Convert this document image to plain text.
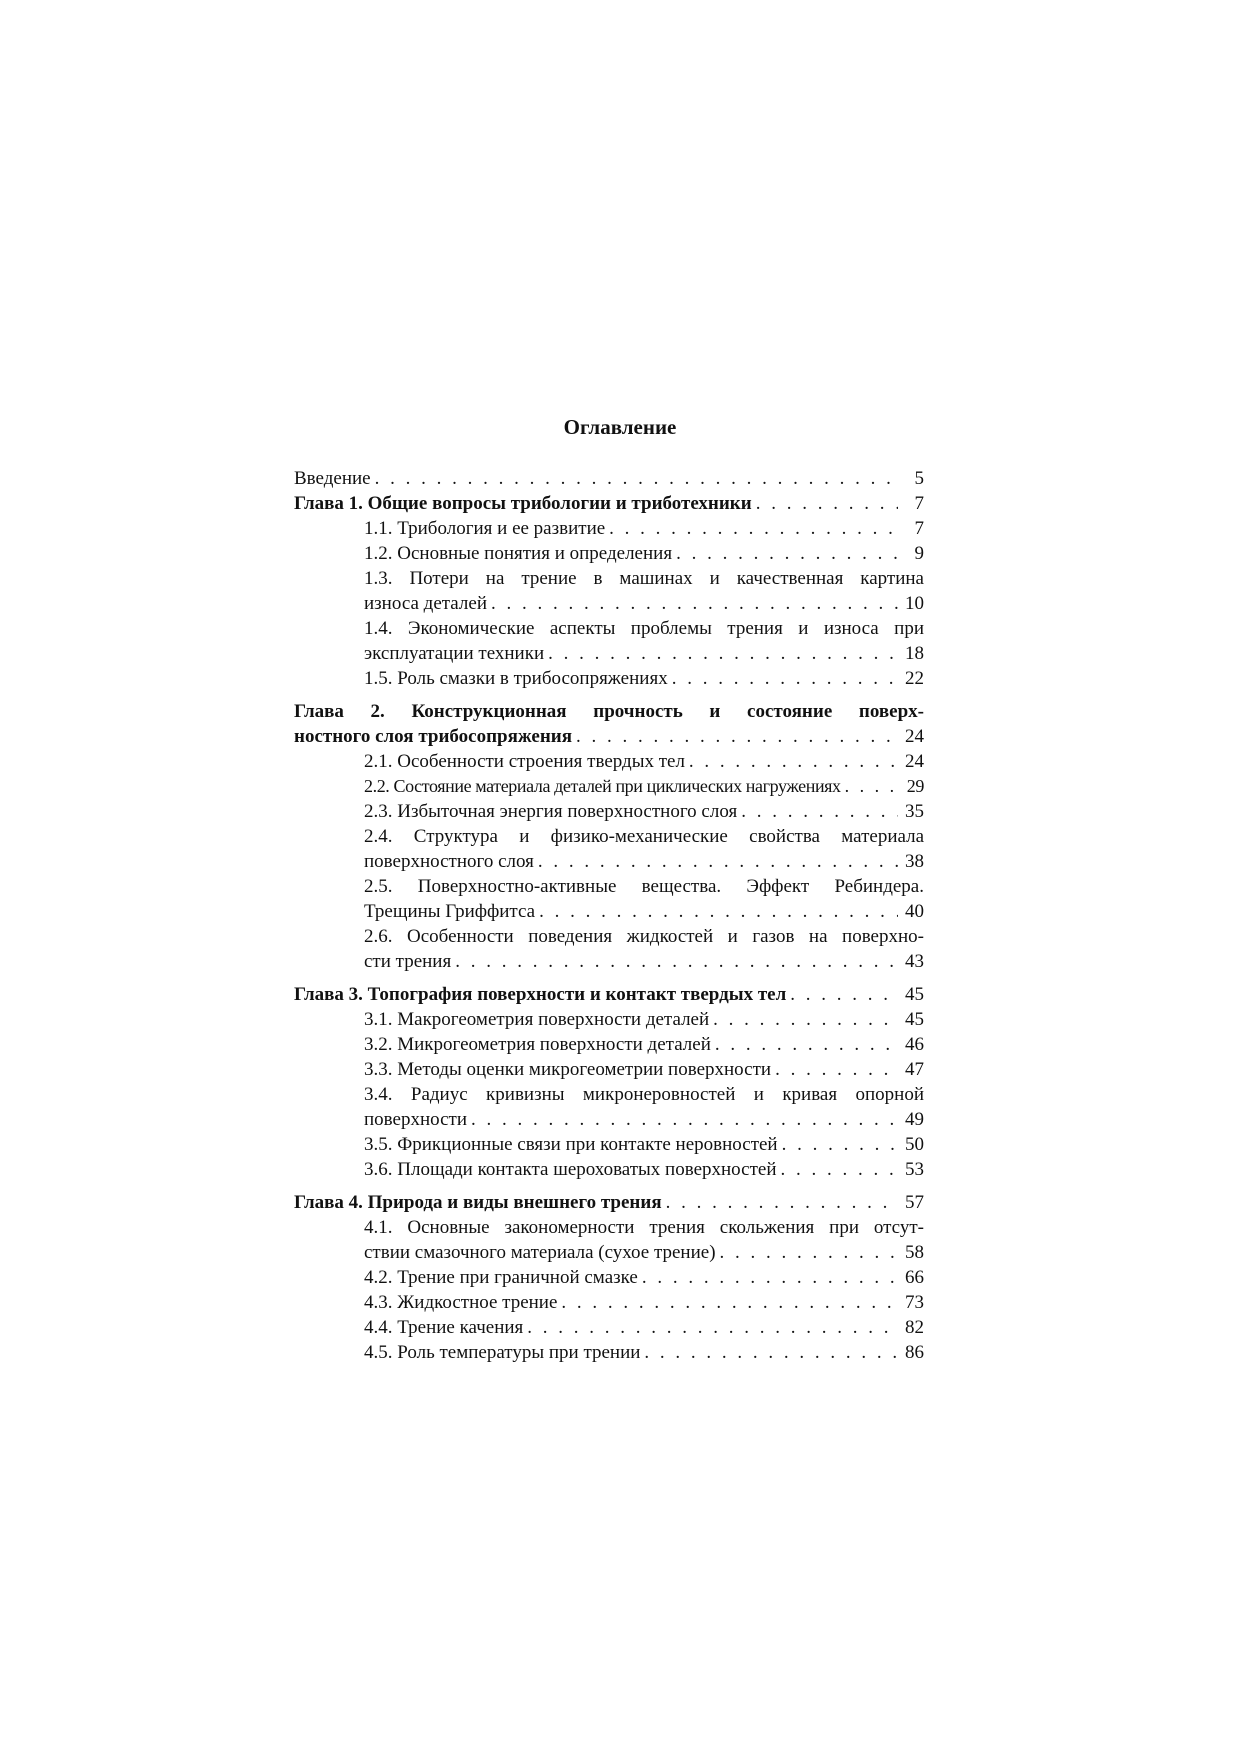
Оглавление
Введение . . .	5
Глава 1. Общие вопросы трибологии и триботехники . . .	7
1.1. Трибология и ее развитие . . .	7
1.2. Основные понятия и определения . . .	9
1.3. Потери на трение в машинах и качественная картина
износа деталей . . .	10
1.4. Экономические аспекты проблемы трения и износа при
эксплуатации техники . . .	18
1.5. Роль смазки в трибосопряжениях . . .	22
Глава 2. Конструкционная прочность и состояние поверх-
ностного слоя трибосопряжения . . .	24
2.1. Особенности строения твердых тел . . .	24
2.2. Состояние материала деталей при циклических нагружениях . . .	29
2.3. Избыточная энергия поверхностного слоя . . .	35
2.4. Структура и физико-механические свойства материала
поверхностного слоя . . .	38
2.5. Поверхностно-активные вещества. Эффект Ребиндера.
Трещины Гриффитса . . .	40
2.6. Особенности поведения жидкостей и газов на поверхно-
сти трения . . .	43
Глава 3. Топография поверхности и контакт твердых тел . . .	45
3.1. Макрогеометрия поверхности деталей . . .	45
3.2. Микрогеометрия поверхности деталей . . .	46
3.3. Методы оценки микрогеометрии поверхности . . .	47
3.4. Радиус кривизны микронеровностей и кривая опорной
поверхности . . .	49
3.5. Фрикционные связи при контакте неровностей . . .	50
3.6. Площади контакта шероховатых поверхностей . . .	53
Глава 4. Природа и виды внешнего трения . . .	57
4.1. Основные закономерности трения скольжения при отсут-
ствии смазочного материала (сухое трение) . . .	58
4.2. Трение при граничной смазке . . .	66
4.3. Жидкостное трение . . .	73
4.4. Трение качения . . .	82
4.5. Роль температуры при трении . . .	86
